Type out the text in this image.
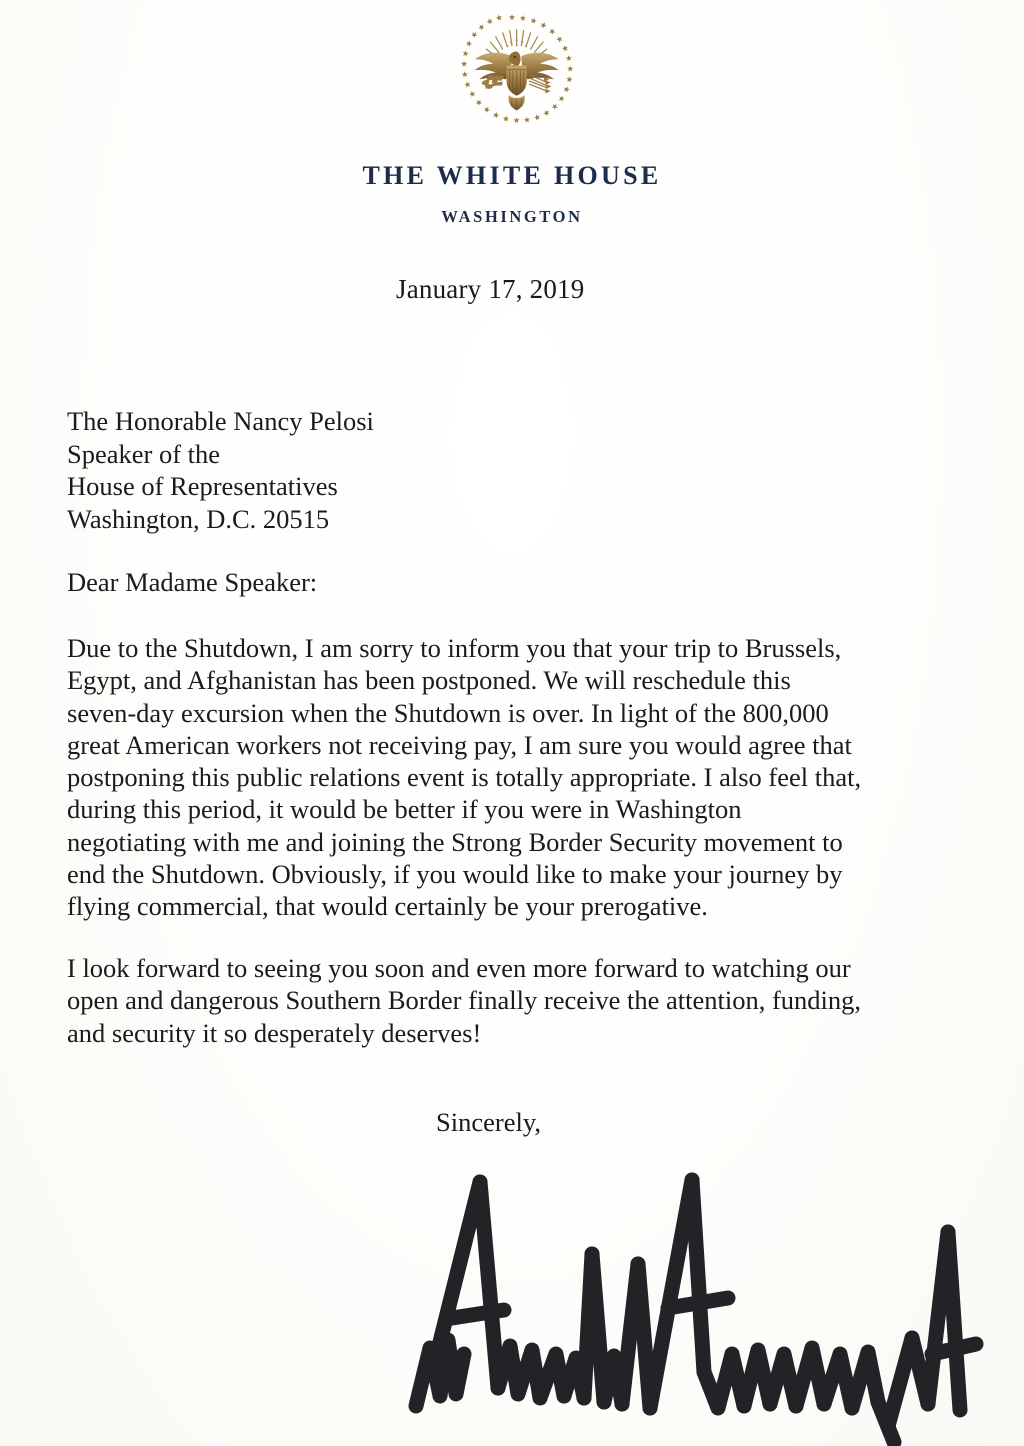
THE WHITE HOUSE
WASHINGTON
January 17, 2019
The Honorable Nancy Pelosi
Speaker of the
House of Representatives
Washington, D.C. 20515
Dear Madame Speaker:
Due to the Shutdown, I am sorry to inform you that your trip to Brussels,
Egypt, and Afghanistan has been postponed. We will reschedule this
seven-day excursion when the Shutdown is over. In light of the 800,000
great American workers not receiving pay, I am sure you would agree that
postponing this public relations event is totally appropriate. I also feel that,
during this period, it would be better if you were in Washington
negotiating with me and joining the Strong Border Security movement to
end the Shutdown. Obviously, if you would like to make your journey by
flying commercial, that would certainly be your prerogative.
I look forward to seeing you soon and even more forward to watching our
open and dangerous Southern Border finally receive the attention, funding,
and security it so desperately deserves!
Sincerely,
